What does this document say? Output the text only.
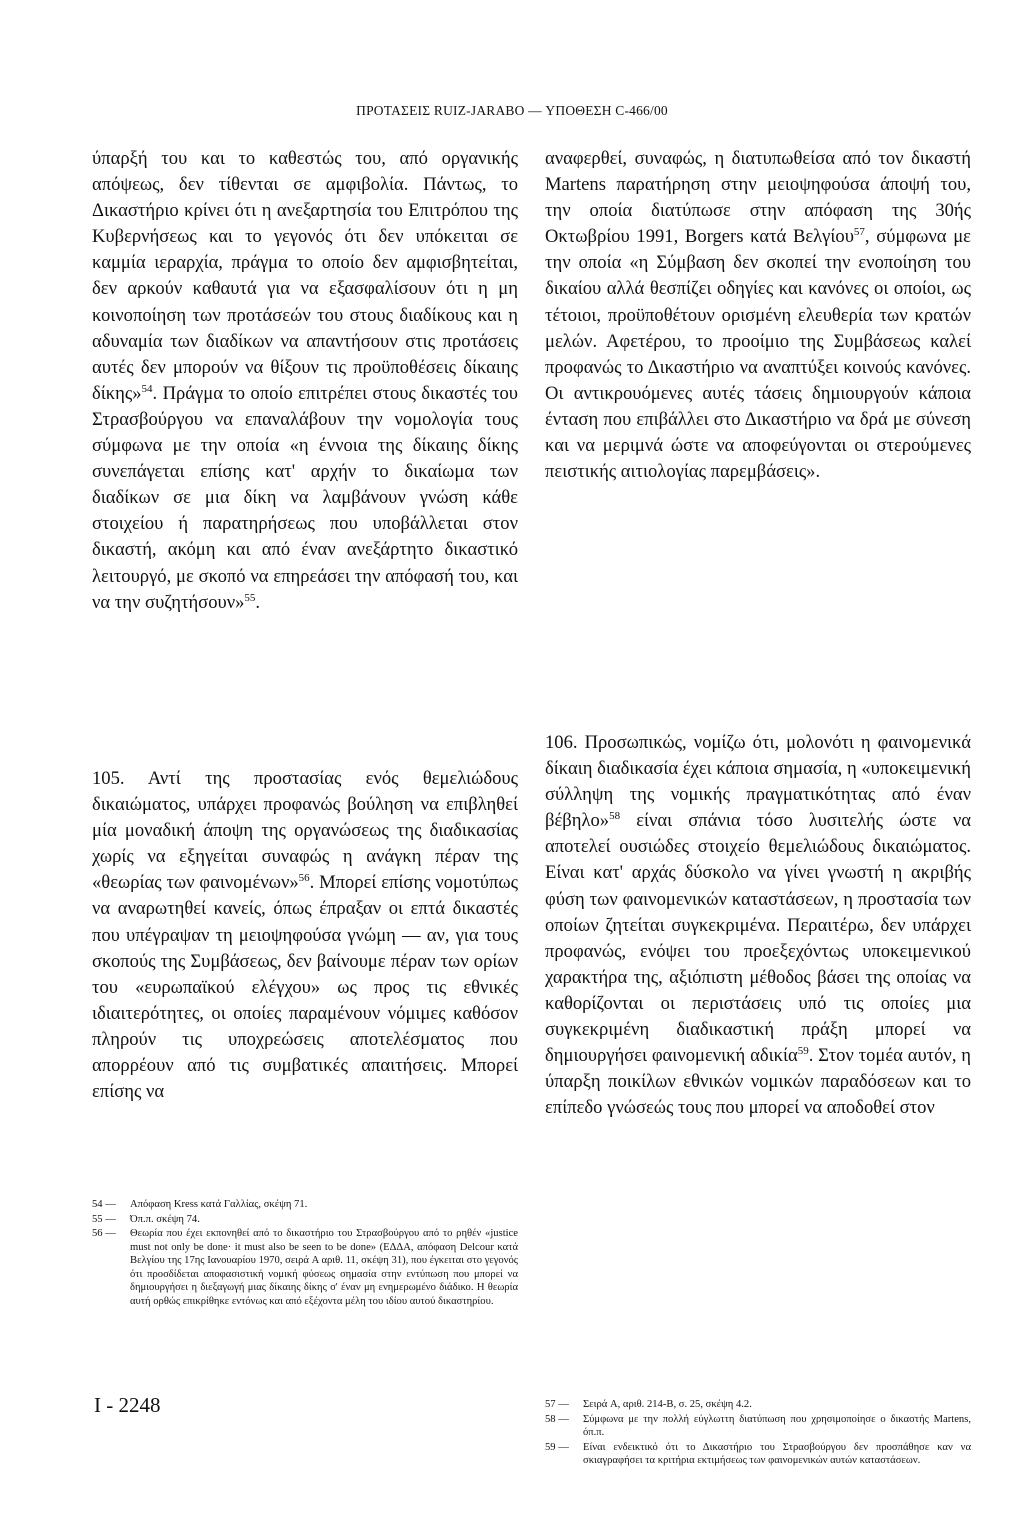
ΠΡΟΤΑΣΕΙΣ RUIZ-JARABO — ΥΠΟΘΕΣΗ C-466/00

ύπαρξή του και το καθεστώς του, από οργανικής απόψεως, δεν τίθενται σε αμφιβολία. Πάντως, το Δικαστήριο κρίνει ότι η ανεξαρτησία του Επιτρόπου της Κυβερνήσεως και το γεγονός ότι δεν υπόκειται σε καμμία ιεραρχία, πράγμα το οποίο δεν αμφισβητείται, δεν αρκούν καθαυτά για να εξασφαλίσουν ότι η μη κοινοποίηση των προτάσεών του στους διαδίκους και η αδυναμία των διαδίκων να απαντήσουν στις προτάσεις αυτές δεν μπορούν να θίξουν τις προϋποθέσεις δίκαιης δίκης»$^{54}$. Πράγμα το οποίο επιτρέπει στους δικαστές του Στρασβούργου να επαναλάβουν την νομολογία τους σύμφωνα με την οποία «η έννοια της δίκαιης δίκης συνεπάγεται επίσης κατ' αρχήν το δικαίωμα των διαδίκων σε μια δίκη να λαμβάνουν γνώση κάθε στοιχείου ή παρατηρήσεως που υποβάλλεται στον δικαστή, ακόμη και από έναν ανεξάρτητο δικαστικό λειτουργό, με σκοπό να επηρεάσει την απόφασή του, και να την συζητήσουν»$^{55}$.

105. Αντί της προστασίας ενός θεμελιώδους δικαιώματος, υπάρχει προφανώς βούληση να επιβληθεί μία μοναδική άποψη της οργανώσεως της διαδικασίας χωρίς να εξηγείται συναφώς η ανάγκη πέραν της «θεωρίας των φαινομένων»$^{56}$. Μπορεί επίσης νομοτύπως να αναρωτηθεί κανείς, όπως έπραξαν οι επτά δικαστές που υπέγραψαν τη μειοψηφούσα γνώμη — αν, για τους σκοπούς της Συμβάσεως, δεν βαίνουμε πέραν των ορίων του «ευρωπαϊκού ελέγχου» ως προς τις εθνικές ιδιαιτερότητες, οι οποίες παραμένουν νόμιμες καθόσον πληρούν τις υποχρεώσεις αποτελέσματος που απορρέουν από τις συμβατικές απαιτήσεις. Μπορεί επίσης να

αναφερθεί, συναφώς, η διατυπωθείσα από τον δικαστή Martens παρατήρηση στην μειοψηφούσα άποψή του, την οποία διατύπωσε στην απόφαση της 30ής Οκτωβρίου 1991, Borgers κατά Βελγίου$^{57}$, σύμφωνα με την οποία «η Σύμβαση δεν σκοπεί την ενοποίηση του δικαίου αλλά θεσπίζει οδηγίες και κανόνες οι οποίοι, ως τέτοιοι, προϋποθέτουν ορισμένη ελευθερία των κρατών μελών. Αφετέρου, το προοίμιο της Συμβάσεως καλεί προφανώς το Δικαστήριο να αναπτύξει κοινούς κανόνες. Οι αντικρουόμενες αυτές τάσεις δημιουργούν κάποια ένταση που επιβάλλει στο Δικαστήριο να δρά με σύνεση και να μεριμνά ώστε να αποφεύγονται οι στερούμενες πειστικής αιτιολογίας παρεμβάσεις».

106. Προσωπικώς, νομίζω ότι, μολονότι η φαινομενικά δίκαιη διαδικασία έχει κάποια σημασία, η «υποκειμενική σύλληψη της νομικής πραγματικότητας από έναν βέβηλο»$^{58}$ είναι σπάνια τόσο λυσιτελής ώστε να αποτελεί ουσιώδες στοιχείο θεμελιώδους δικαιώματος. Είναι κατ' αρχάς δύσκολο να γίνει γνωστή η ακριβής φύση των φαινομενικών καταστάσεων, η προστασία των οποίων ζητείται συγκεκριμένα. Περαιτέρω, δεν υπάρχει προφανώς, ενόψει του προεξεχόντως υποκειμενικού χαρακτήρα της, αξιόπιστη μέθοδος βάσει της οποίας να καθορίζονται οι περιστάσεις υπό τις οποίες μια συγκεκριμένη διαδικαστική πράξη μπορεί να δημιουργήσει φαινομενική αδικία$^{59}$. Στον τομέα αυτόν, η ύπαρξη ποικίλων εθνικών νομικών παραδόσεων και το επίπεδο γνώσεώς τους που μπορεί να αποδοθεί στον

54 —	Απόφαση Kress κατά Γαλλίας, σκέψη 71.
55 —	Όπ.π. σκέψη 74.
56 —	Θεωρία που έχει εκπονηθεί από το δικαστήριο του Στρασβούργου από το ρηθέν «justice must not only be done· it must also be seen to be done» (ΕΔΔΑ, απόφαση Delcour κατά Βελγίου της 17ης Ιανουαρίου 1970, σειρά A αριθ. 11, σκέψη 31), που έγκειται στο γεγονός ότι προσδίδεται αποφασιστική νομική φύσεως σημασία στην εντύπωση που μπορεί να δημιουργήσει η διεξαγωγή μιας δίκαιης δίκης σ' έναν μη ενημερωμένο διάδικο. Η θεωρία αυτή ορθώς επικρίθηκε εντόνως και από εξέχοντα μέλη του ιδίου αυτού δικαστηρίου.
57 —	Σειρά A, αριθ. 214-B, σ. 25, σκέψη 4.2.
58 —	Σύμφωνα με την πολλή εύγλωττη διατύπωση που χρησιμοποίησε ο δικαστής Martens, όπ.π.
59 —	Είναι ενδεικτικό ότι το Δικαστήριο του Στρασβούργου δεν προσπάθησε καν να σκιαγραφήσει τα κριτήρια εκτιμήσεως των φαινομενικών αυτών καταστάσεων.
I - 2248
